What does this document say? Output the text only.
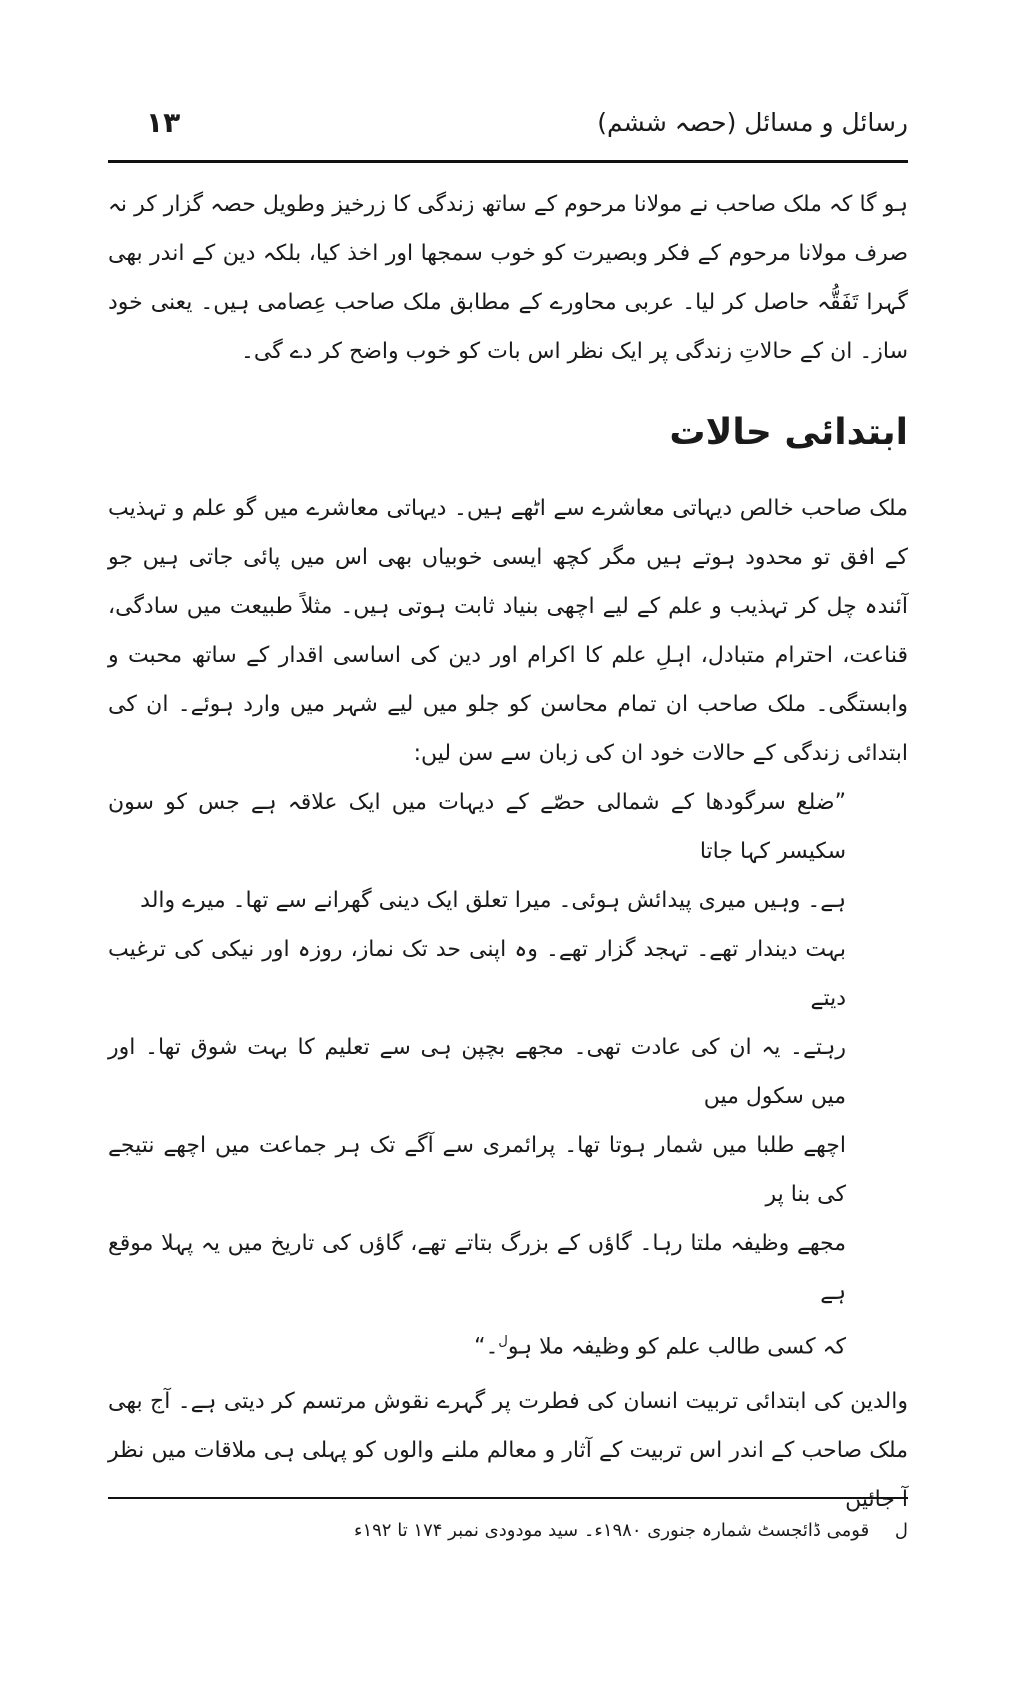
رسائل و مسائل (حصہ ششم)
۱۳

ہو گا کہ ملک صاحب نے مولانا مرحوم کے ساتھ زندگی کا زرخیز وطویل حصہ گزار کر نہ صرف مولانا مرحوم کے فکر وبصیرت کو خوب سمجھا اور اخذ کیا، بلکہ دین کے اندر بھی گہرا تَفَقُّہ حاصل کر لیا۔ عربی محاورے کے مطابق ملک صاحب عِصامی ہیں۔ یعنی خود ساز۔ ان کے حالاتِ زندگی پر ایک نظر اس بات کو خوب واضح کر دے گی۔

ابتدائی حالات

ملک صاحب خالص دیہاتی معاشرے سے اٹھے ہیں۔ دیہاتی معاشرے میں گو علم و تہذیب کے افق تو محدود ہوتے ہیں مگر کچھ ایسی خوبیاں بھی اس میں پائی جاتی ہیں جو آئندہ چل کر تہذیب و علم کے لیے اچھی بنیاد ثابت ہوتی ہیں۔ مثلاً طبیعت میں سادگی، قناعت، احترام متبادل، اہلِ علم کا اکرام اور دین کی اساسی اقدار کے ساتھ محبت و وابستگی۔ ملک صاحب ان تمام محاسن کو جلو میں لیے شہر میں وارد ہوئے۔ ان کی ابتدائی زندگی کے حالات خود ان کی زبان سے سن لیں:

”ضلع سرگودھا کے شمالی حصّے کے دیہات میں ایک علاقہ ہے جس کو سون سکیسر کہا جاتا
ہے۔ وہیں میری پیدائش ہوئی۔ میرا تعلق ایک دینی گھرانے سے تھا۔ میرے والد
بہت دیندار تھے۔ تہجد گزار تھے۔ وہ اپنی حد تک نماز، روزہ اور نیکی کی ترغیب دیتے
رہتے۔ یہ ان کی عادت تھی۔ مجھے بچپن ہی سے تعلیم کا بہت شوق تھا۔ اور میں سکول میں
اچھے طلبا میں شمار ہوتا تھا۔ پرائمری سے آگے تک ہر جماعت میں اچھے نتیجے کی بنا پر
مجھے وظیفہ ملتا رہا۔ گاؤں کے بزرگ بتاتے تھے، گاؤں کی تاریخ میں یہ پہلا موقع ہے
کہ کسی طالب علم کو وظیفہ ملا ہو$^ل$۔“

والدین کی ابتدائی تربیت انسان کی فطرت پر گہرے نقوش مرتسم کر دیتی ہے۔ آج بھی ملک صاحب کے اندر اس تربیت کے آثار و معالم ملنے والوں کو پہلی ہی ملاقات میں نظر آ جائیں

ل قومی ڈائجسٹ شمارہ جنوری ۱۹۸۰ء۔ سید مودودی نمبر ۱۷۴ تا ۱۹۲ء
